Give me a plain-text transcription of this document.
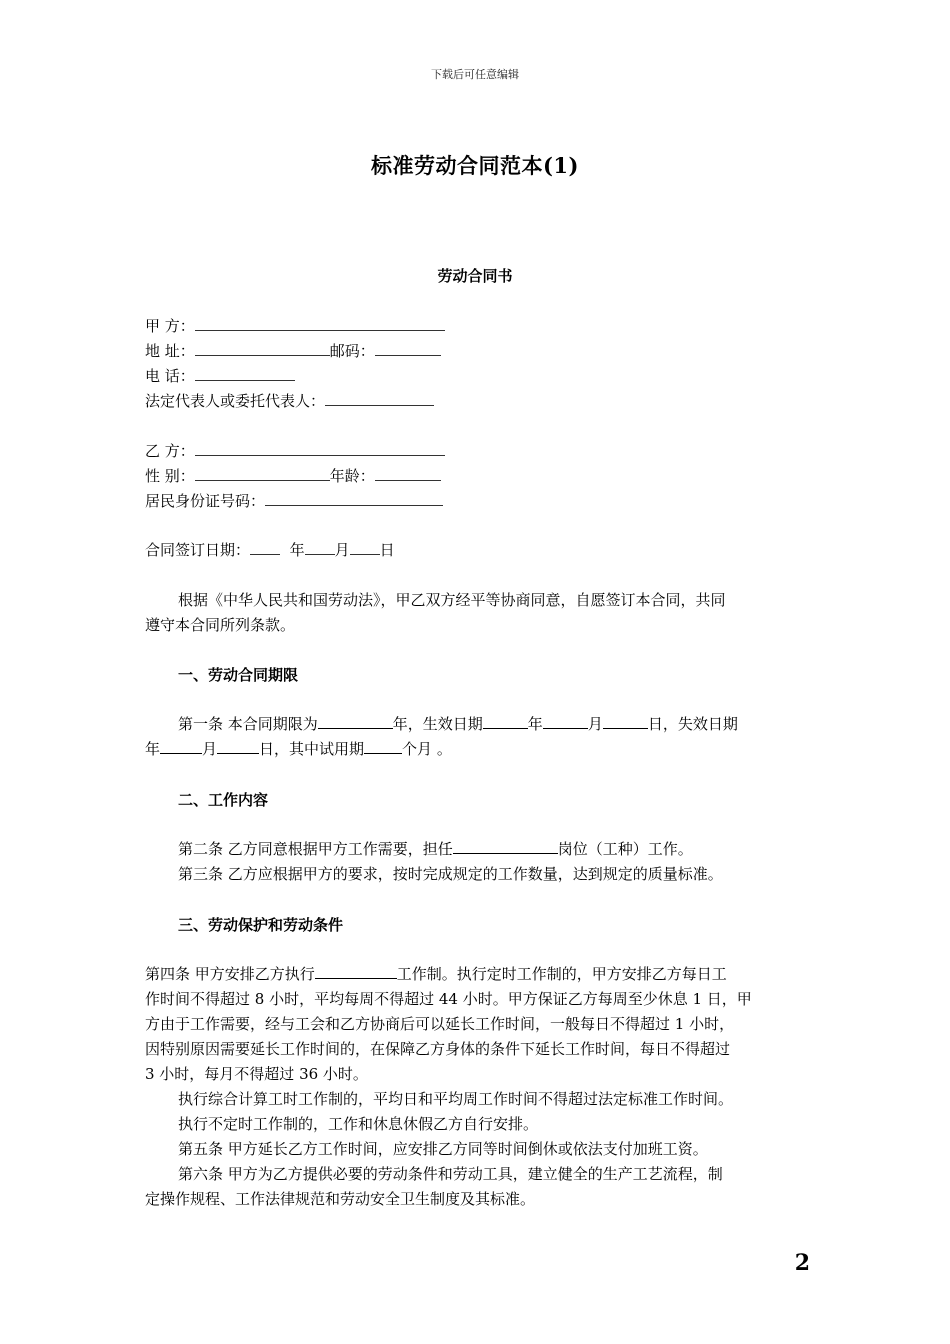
下载后可任意编辑
标准劳动合同范本(1)
劳动合同书
甲 方：
地 址：	邮码：
电 话：
法定代表人或委托代表人：
乙 方：
性 别：	年龄：
居民身份证号码：
合同签订日期：	年 月 日
根据《中华人民共和国劳动法》，甲乙双方经平等协商同意，自愿签订本合同，共同
遵守本合同所列条款。
一、劳动合同期限
第一条 本合同期限为	年，生效日期	年	月	日，失效日期
年	月	日，其中试用期	个月 。
二、工作内容
第二条 乙方同意根据甲方工作需要，担任	岗位（工种）工作。
第三条 乙方应根据甲方的要求，按时完成规定的工作数量，达到规定的质量标准。
三、劳动保护和劳动条件
第四条 甲方安排乙方执行	工作制。执行定时工作制的，甲方安排乙方每日工
作时间不得超过 8 小时，平均每周不得超过 44 小时。甲方保证乙方每周至少休息 1 日，甲
方由于工作需要，经与工会和乙方协商后可以延长工作时间，一般每日不得超过 1 小时，
因特别原因需要延长工作时间的，在保障乙方身体的条件下延长工作时间，每日不得超过
3 小时，每月不得超过 36 小时。
执行综合计算工时工作制的，平均日和平均周工作时间不得超过法定标准工作时间。
执行不定时工作制的，工作和休息休假乙方自行安排。
第五条 甲方延长乙方工作时间，应安排乙方同等时间倒休或依法支付加班工资。
第六条 甲方为乙方提供必要的劳动条件和劳动工具，建立健全的生产工艺流程，制
定操作规程、工作法律规范和劳动安全卫生制度及其标准。
2
